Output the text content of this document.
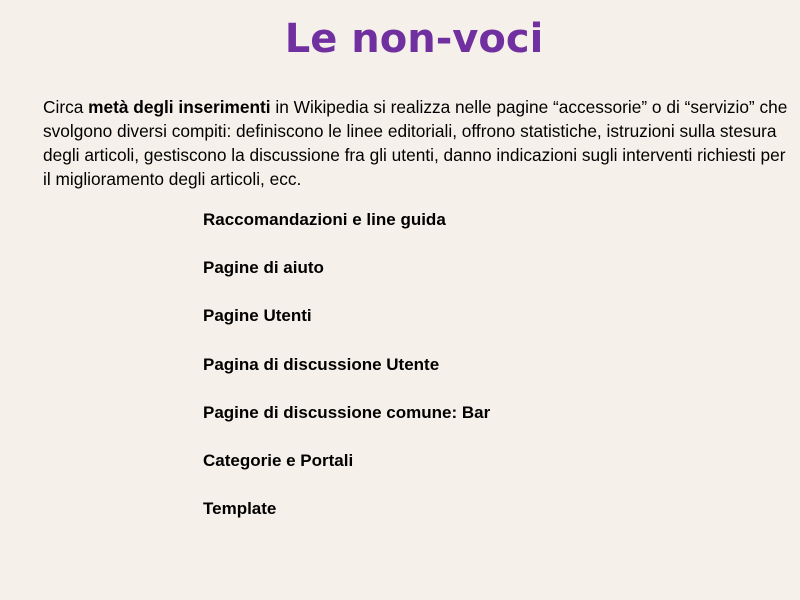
Le non-voci

Circa metà degli inserimenti in Wikipedia si realizza nelle pagine “accessorie” o di “servizio” che svolgono diversi compiti: definiscono le linee editoriali, offrono statistiche, istruzioni sulla stesura degli articoli, gestiscono la discussione fra gli utenti, danno indicazioni sugli interventi richiesti per il miglioramento degli articoli, ecc.

Raccomandazioni e line guida
Pagine di aiuto
Pagine Utenti
Pagina di discussione Utente
Pagine di discussione comune: Bar
Categorie e Portali
Template
